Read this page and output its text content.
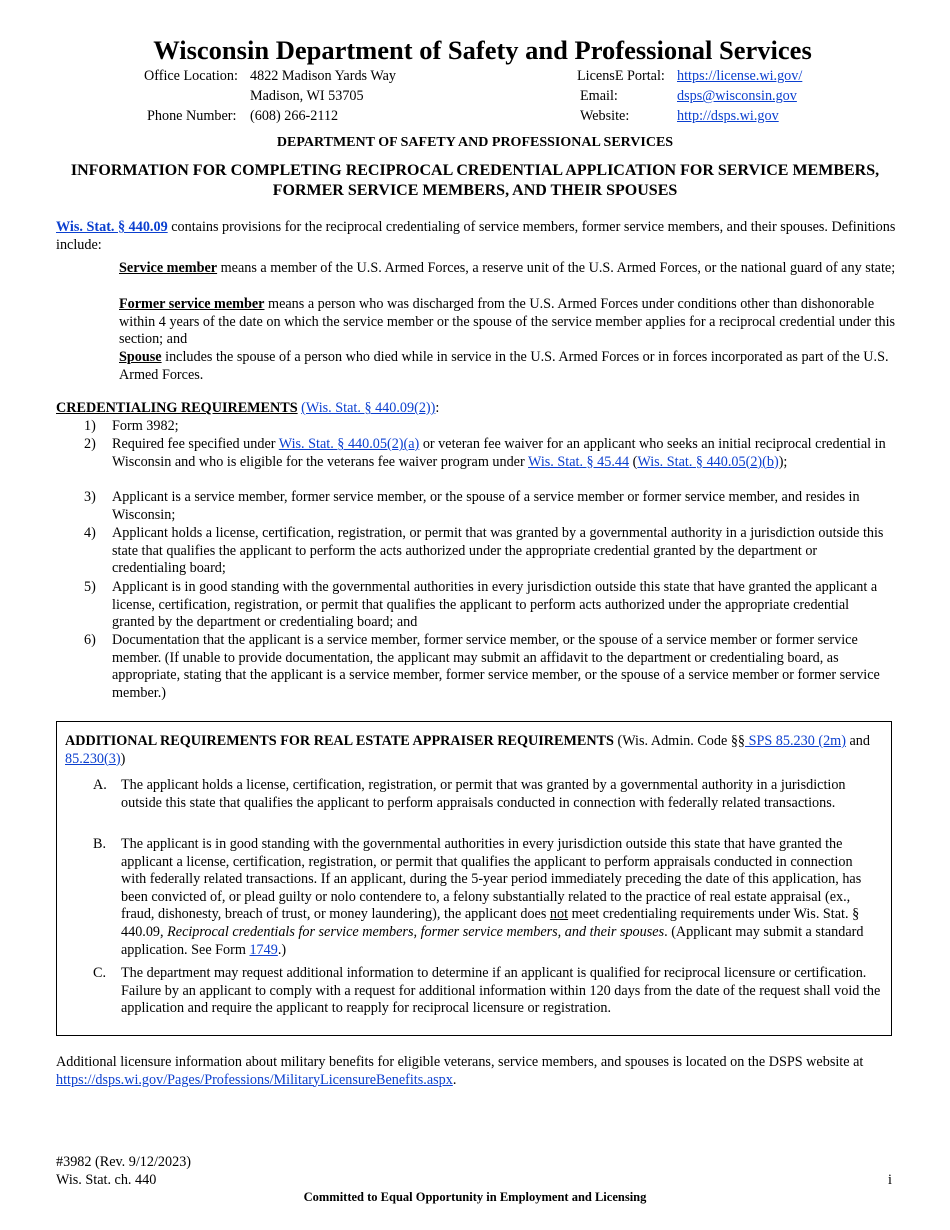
Wisconsin Department of Safety and Professional Services
Office Location: 4822 Madison Yards Way
Madison, WI 53705
Phone Number: (608) 266-2112
LicensE Portal: https://license.wi.gov/
Email:	dsps@wisconsin.gov
Website:	http://dsps.wi.gov
DEPARTMENT OF SAFETY AND PROFESSIONAL SERVICES
INFORMATION FOR COMPLETING RECIPROCAL CREDENTIAL APPLICATION FOR SERVICE MEMBERS, FORMER SERVICE MEMBERS, AND THEIR SPOUSES
Wis. Stat. § 440.09 contains provisions for the reciprocal credentialing of service members, former service members, and their spouses. Definitions include:
Service member means a member of the U.S. Armed Forces, a reserve unit of the U.S. Armed Forces, or the national guard of any state;
Former service member means a person who was discharged from the U.S. Armed Forces under conditions other than dishonorable within 4 years of the date on which the service member or the spouse of the service member applies for a reciprocal credential under this section; and
Spouse includes the spouse of a person who died while in service in the U.S. Armed Forces or in forces incorporated as part of the U.S. Armed Forces.
CREDENTIALING REQUIREMENTS (Wis. Stat. § 440.09(2)):
1)	Form 3982;
2)	Required fee specified under Wis. Stat. § 440.05(2)(a) or veteran fee waiver for an applicant who seeks an initial reciprocal credential in Wisconsin and who is eligible for the veterans fee waiver program under Wis. Stat. § 45.44 (Wis. Stat. § 440.05(2)(b));
3)	Applicant is a service member, former service member, or the spouse of a service member or former service member, and resides in Wisconsin;
4)	Applicant holds a license, certification, registration, or permit that was granted by a governmental authority in a jurisdiction outside this state that qualifies the applicant to perform the acts authorized under the appropriate credential granted by the department or credentialing board;
5)	Applicant is in good standing with the governmental authorities in every jurisdiction outside this state that have granted the applicant a license, certification, registration, or permit that qualifies the applicant to perform acts authorized under the appropriate credential granted by the department or credentialing board; and
6)	Documentation that the applicant is a service member, former service member, or the spouse of a service member or former service member. (If unable to provide documentation, the applicant may submit an affidavit to the department or credentialing board, as appropriate, stating that the applicant is a service member, former service member, or the spouse of a service member or former service member.)
ADDITIONAL REQUIREMENTS FOR REAL ESTATE APPRAISER REQUIREMENTS (Wis. Admin. Code §§ SPS 85.230 (2m) and 85.230(3))
A.	The applicant holds a license, certification, registration, or permit that was granted by a governmental authority in a jurisdiction outside this state that qualifies the applicant to perform appraisals conducted in connection with federally related transactions.
B.	The applicant is in good standing with the governmental authorities in every jurisdiction outside this state that have granted the applicant a license, certification, registration, or permit that qualifies the applicant to perform appraisals conducted in connection with federally related transactions. If an applicant, during the 5-year period immediately preceding the date of this application, has been convicted of, or plead guilty or nolo contendere to, a felony substantially related to the practice of real estate appraisal (ex., fraud, dishonesty, breach of trust, or money laundering), the applicant does not meet credentialing requirements under Wis. Stat. § 440.09, Reciprocal credentials for service members, former service members, and their spouses. (Applicant may submit a standard application. See Form 1749.)
C.	The department may request additional information to determine if an applicant is qualified for reciprocal licensure or certification. Failure by an applicant to comply with a request for additional information within 120 days from the date of the request shall void the application and require the applicant to reapply for reciprocal licensure or registration.
Additional licensure information about military benefits for eligible veterans, service members, and spouses is located on the DSPS website at https://dsps.wi.gov/Pages/Professions/MilitaryLicensureBenefits.aspx.
#3982 (Rev. 9/12/2023)
Wis. Stat. ch. 440	i
Committed to Equal Opportunity in Employment and Licensing
